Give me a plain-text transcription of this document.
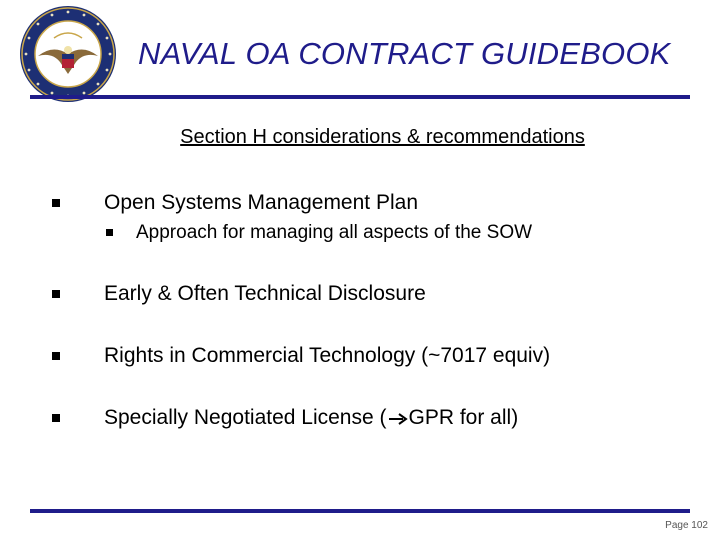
NAVAL OA CONTRACT GUIDEBOOK
Section H considerations & recommendations
Open Systems Management Plan
Approach for managing all aspects of the SOW
Early & Often Technical Disclosure
Rights in Commercial Technology (~7017 equiv)
Specially Negotiated License ( GPR for all)
Page 102
